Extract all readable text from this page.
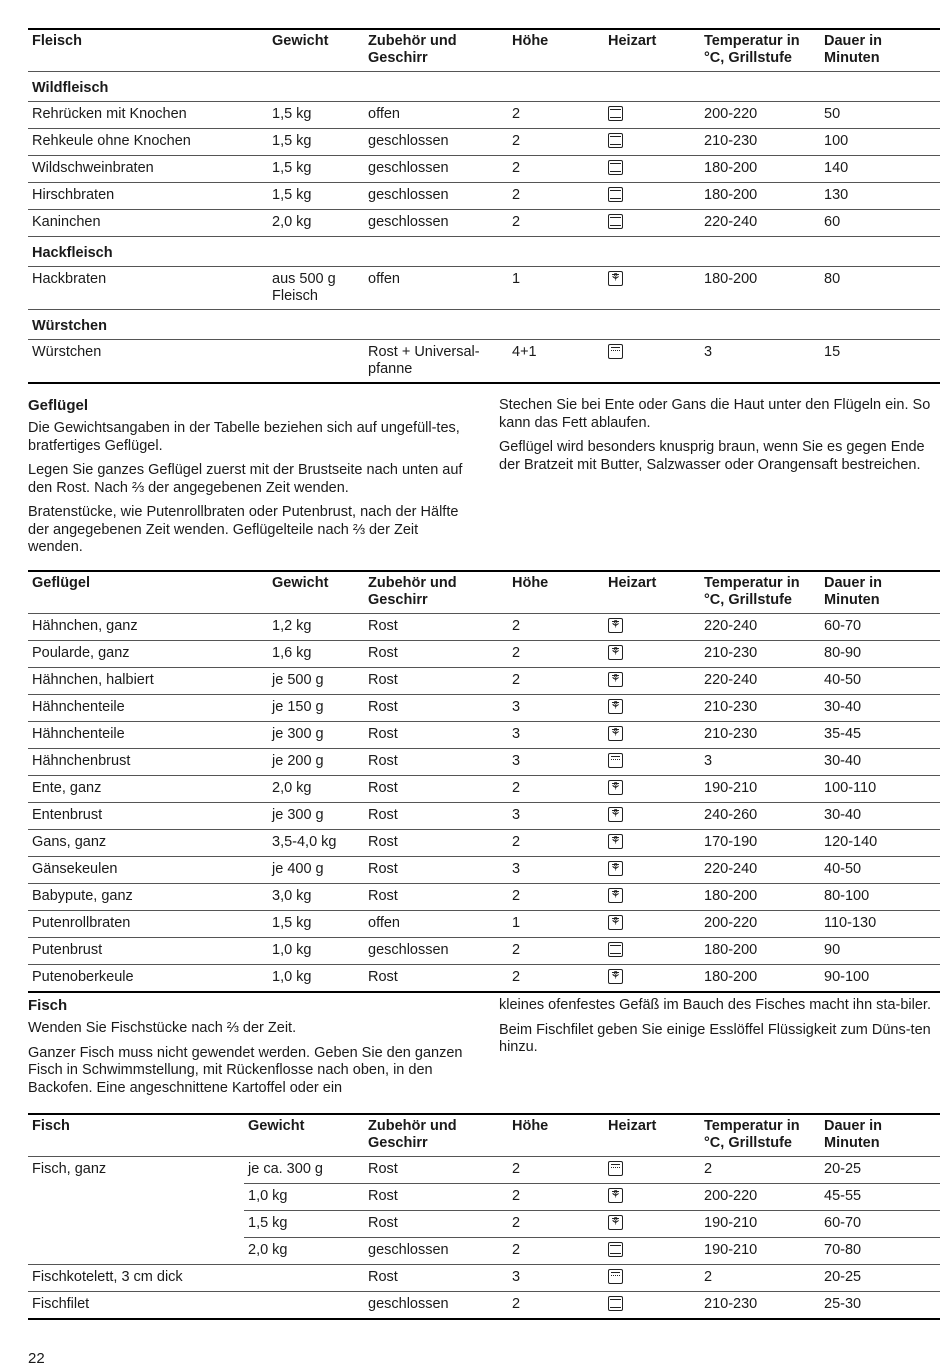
Fleisch	Gewicht	Zubehör und Geschirr	Höhe	Heizart	Temperatur in °C, Grillstufe	Dauer in Minuten
Wildfleisch						
Rehrücken mit Knochen	1,5 kg	offen	2		200-220	50
Rehkeule ohne Knochen	1,5 kg	geschlossen	2		210-230	100
Wildschweinbraten	1,5 kg	geschlossen	2		180-200	140
Hirschbraten	1,5 kg	geschlossen	2		180-200	130
Kaninchen	2,0 kg	geschlossen	2		220-240	60
Hackfleisch						
Hackbraten	aus 500 g Fleisch	offen	1	⚘	180-200	80
Würstchen						
Würstchen		Rost + Universal-pfanne	4+1		3	15
Geflügel

Die Gewichtsangaben in der Tabelle beziehen sich auf ungefüll-tes, bratfertiges Geflügel.

Legen Sie ganzes Geflügel zuerst mit der Brustseite nach unten auf den Rost. Nach ⅔ der angegebenen Zeit wenden.

Bratenstücke, wie Putenrollbraten oder Putenbrust, nach der Hälfte der angegebenen Zeit wenden. Geflügelteile nach ⅔ der Zeit wenden.

Stechen Sie bei Ente oder Gans die Haut unter den Flügeln ein. So kann das Fett ablaufen.

Geflügel wird besonders knusprig braun, wenn Sie es gegen Ende der Bratzeit mit Butter, Salzwasser oder Orangensaft bestreichen.

Geflügel	Gewicht	Zubehör und Geschirr	Höhe	Heizart	Temperatur in °C, Grillstufe	Dauer in Minuten
Hähnchen, ganz	1,2 kg	Rost	2	⚘	220-240	60-70
Poularde, ganz	1,6 kg	Rost	2	⚘	210-230	80-90
Hähnchen, halbiert	je 500 g	Rost	2	⚘	220-240	40-50
Hähnchenteile	je 150 g	Rost	3	⚘	210-230	30-40
Hähnchenteile	je 300 g	Rost	3	⚘	210-230	35-45
Hähnchenbrust	je 200 g	Rost	3		3	30-40
Ente, ganz	2,0 kg	Rost	2	⚘	190-210	100-110
Entenbrust	je 300 g	Rost	3	⚘	240-260	30-40
Gans, ganz	3,5-4,0 kg	Rost	2	⚘	170-190	120-140
Gänsekeulen	je 400 g	Rost	3	⚘	220-240	40-50
Babypute, ganz	3,0 kg	Rost	2	⚘	180-200	80-100
Putenrollbraten	1,5 kg	offen	1	⚘	200-220	110-130
Putenbrust	1,0 kg	geschlossen	2		180-200	90
Putenoberkeule	1,0 kg	Rost	2	⚘	180-200	90-100
Fisch

Wenden Sie Fischstücke nach ⅔ der Zeit.

Ganzer Fisch muss nicht gewendet werden. Geben Sie den ganzen Fisch in Schwimmstellung, mit Rückenflosse nach oben, in den Backofen. Eine angeschnittene Kartoffel oder ein

kleines ofenfestes Gefäß im Bauch des Fisches macht ihn sta-biler.

Beim Fischfilet geben Sie einige Esslöffel Flüssigkeit zum Düns-ten hinzu.

Fisch	Gewicht	Zubehör und Geschirr	Höhe	Heizart	Temperatur in °C, Grillstufe	Dauer in Minuten
Fisch, ganz	je ca. 300 g	Rost	2		2	20-25
	1,0 kg	Rost	2	⚘	200-220	45-55
	1,5 kg	Rost	2	⚘	190-210	60-70
	2,0 kg	geschlossen	2		190-210	70-80
Fischkotelett, 3 cm dick		Rost	3		2	20-25
Fischfilet		geschlossen	2		210-230	25-30
22
